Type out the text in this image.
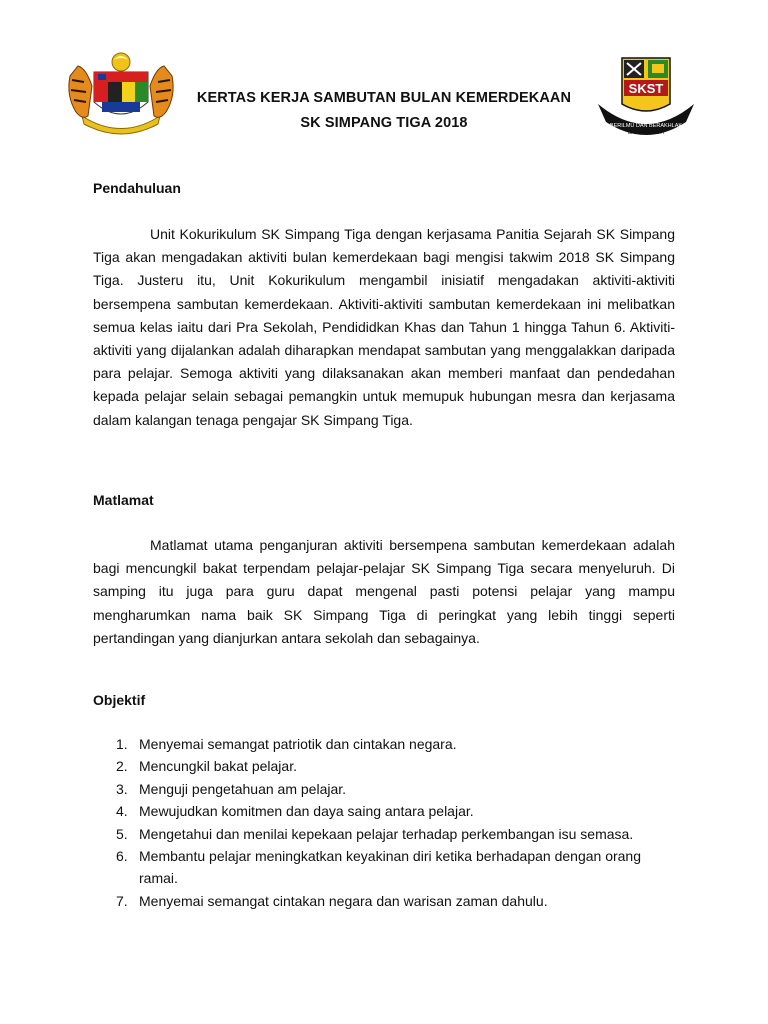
SKST
BERILMU DAN BERAKHLAK
BAGAN DATOH
KERTAS KERJA SAMBUTAN BULAN KEMERDEKAAN
SK SIMPANG TIGA 2018
Pendahuluan

Unit Kokurikulum SK Simpang Tiga dengan kerjasama Panitia Sejarah SK Simpang Tiga akan mengadakan aktiviti bulan kemerdekaan bagi mengisi takwim 2018 SK Simpang Tiga. Justeru itu, Unit Kokurikulum mengambil inisiatif mengadakan aktiviti-aktiviti bersempena sambutan kemerdekaan. Aktiviti-aktiviti sambutan kemerdekaan ini melibatkan semua kelas iaitu dari Pra Sekolah, Pendididkan Khas dan Tahun 1 hingga Tahun 6. Aktiviti-aktiviti yang dijalankan adalah diharapkan mendapat sambutan yang menggalakkan daripada para pelajar. Semoga aktiviti yang dilaksanakan akan memberi manfaat dan pendedahan kepada pelajar selain sebagai pemangkin untuk memupuk hubungan mesra dan kerjasama dalam kalangan tenaga pengajar SK Simpang Tiga.

Matlamat

Matlamat utama penganjuran aktiviti bersempena sambutan kemerdekaan adalah bagi mencungkil bakat terpendam pelajar-pelajar SK Simpang Tiga secara menyeluruh. Di samping itu juga para guru dapat mengenal pasti potensi pelajar yang mampu mengharumkan nama baik SK Simpang Tiga di peringkat yang lebih tinggi seperti pertandingan yang dianjurkan antara sekolah dan sebagainya.

Objektif
1. Menyemai semangat patriotik dan cintakan negara.
2. Mencungkil bakat pelajar.
3. Menguji pengetahuan am pelajar.
4. Mewujudkan komitmen dan daya saing antara pelajar.
5. Mengetahui dan menilai kepekaan pelajar terhadap perkembangan isu semasa.
6. Membantu pelajar meningkatkan keyakinan diri ketika berhadapan dengan orang ramai.
7. Menyemai semangat cintakan negara dan warisan zaman dahulu.
